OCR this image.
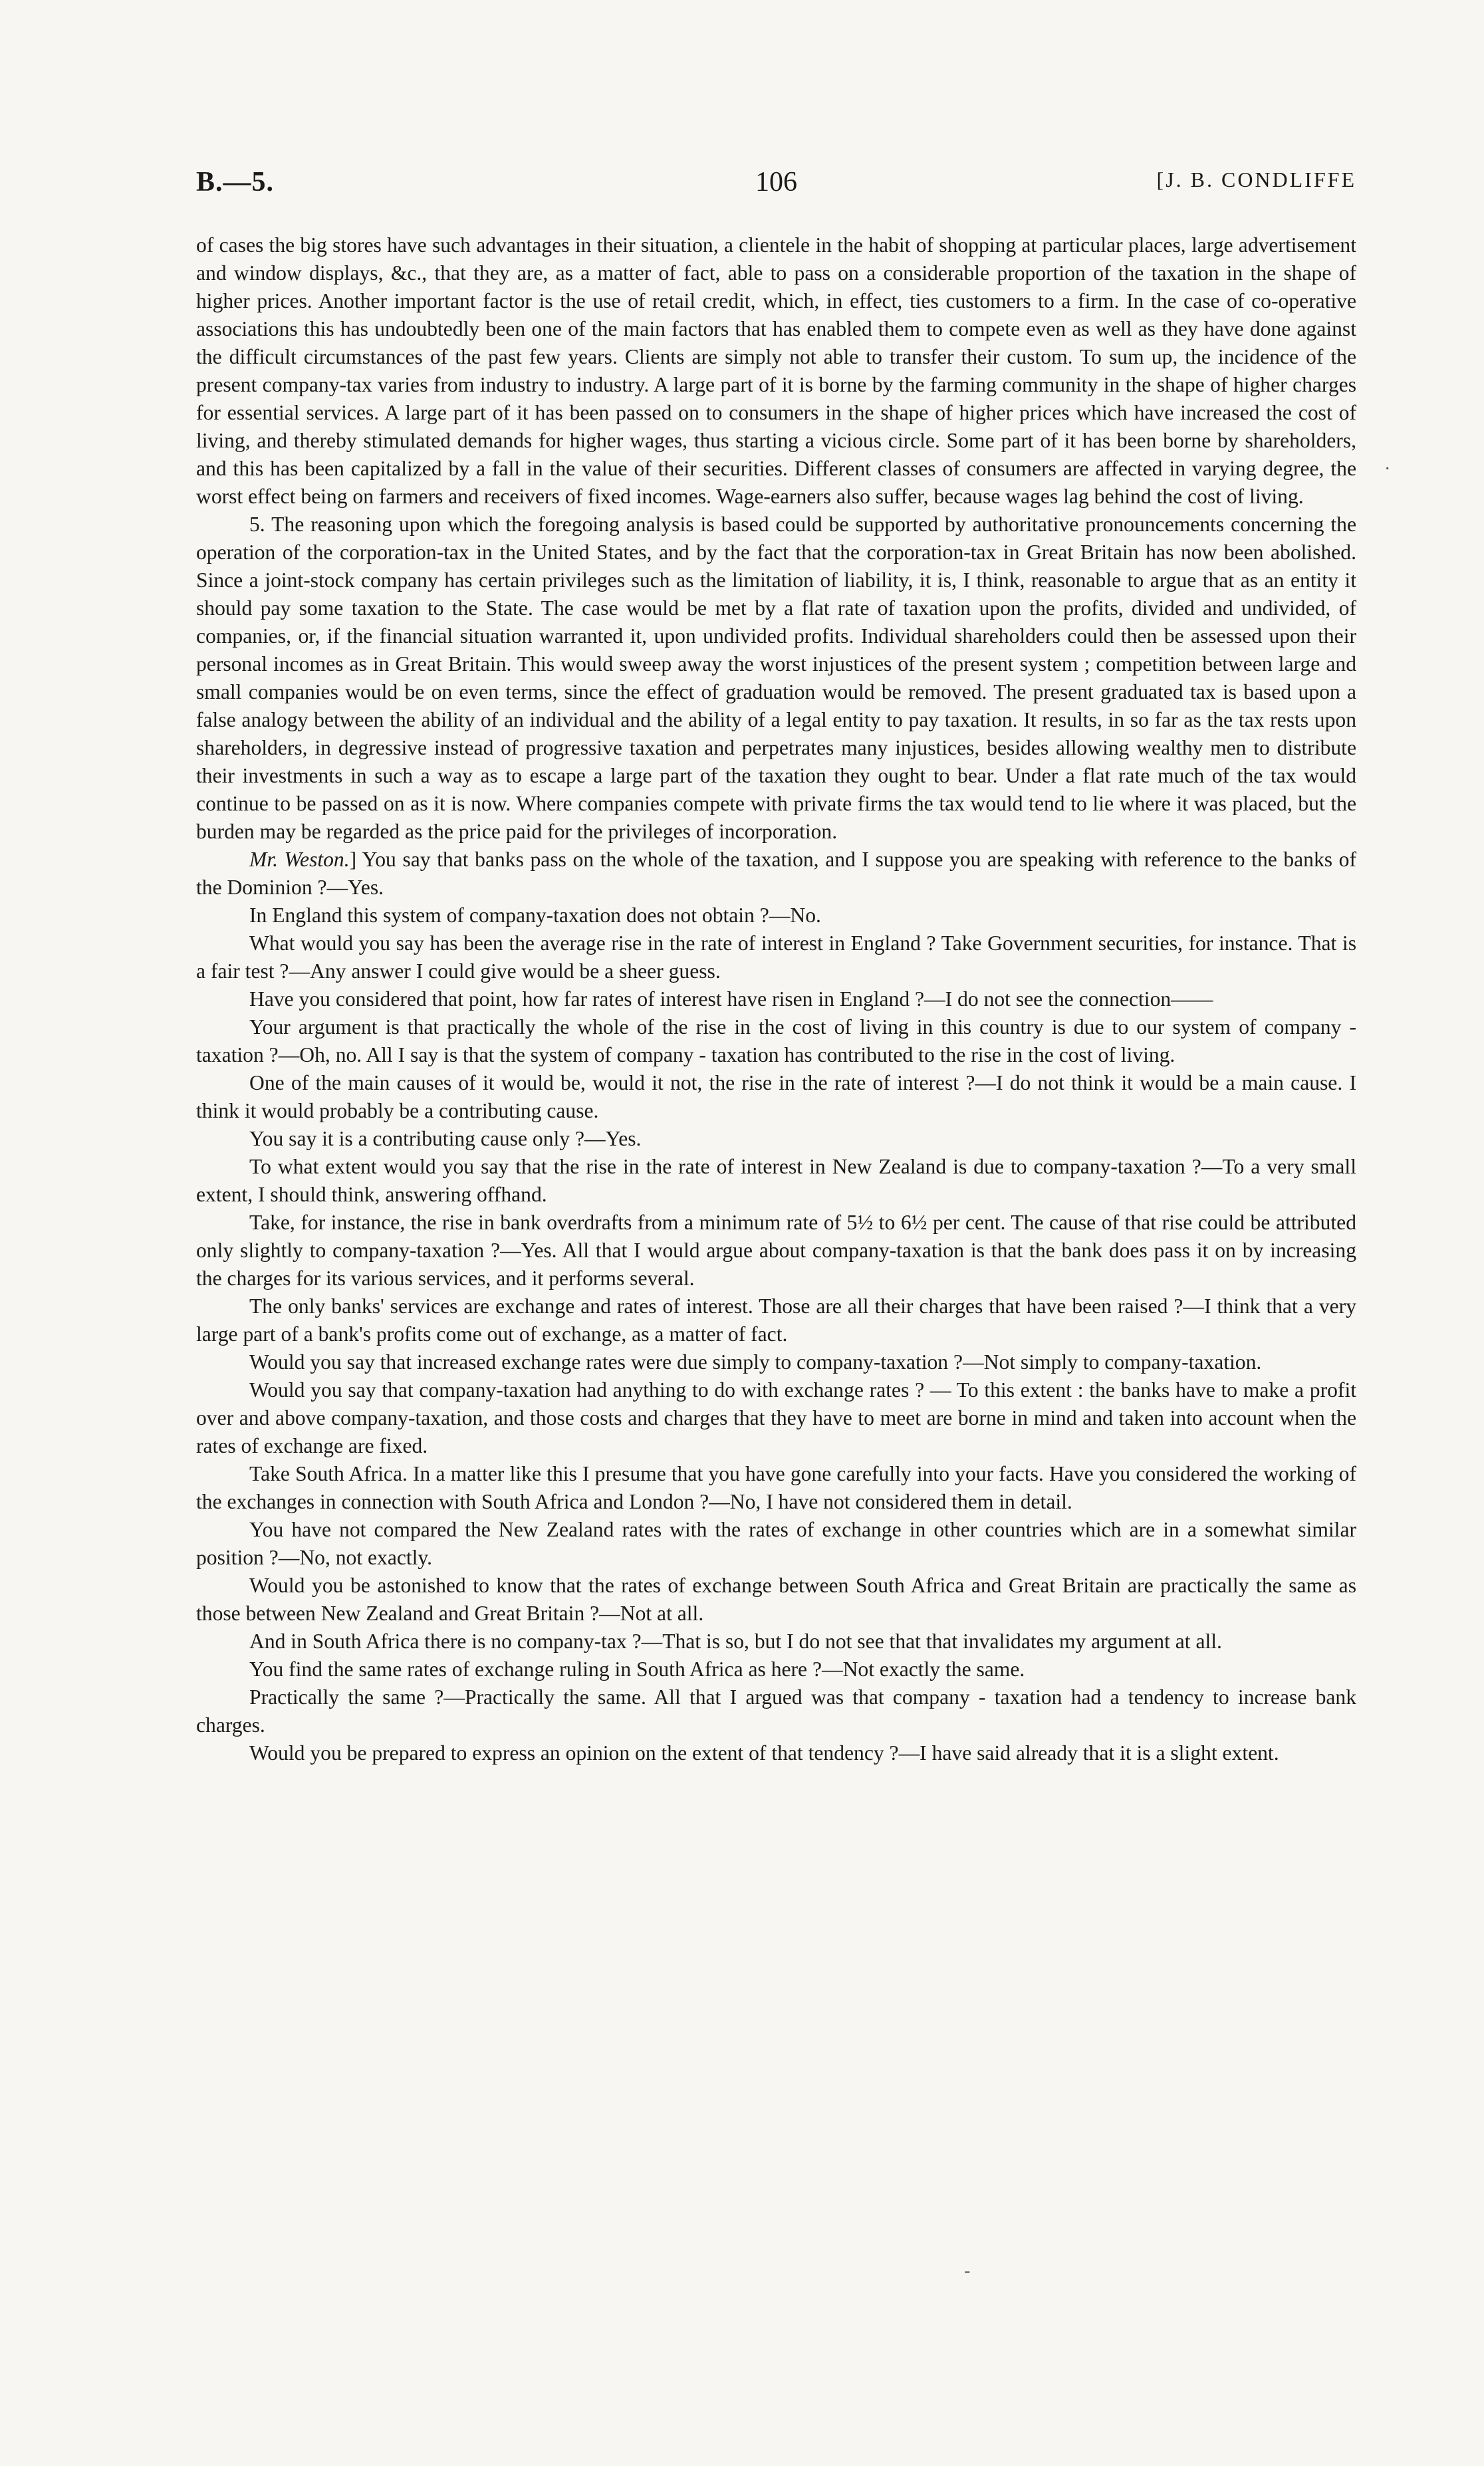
B.—5.	106	[J. B. CONDLIFFE

of cases the big stores have such advantages in their situation, a clientele in the habit of shopping at particular places, large advertisement and window displays, &c., that they are, as a matter of fact, able to pass on a considerable proportion of the taxation in the shape of higher prices. Another important factor is the use of retail credit, which, in effect, ties customers to a firm. In the case of co-operative associations this has undoubtedly been one of the main factors that has enabled them to compete even as well as they have done against the difficult circumstances of the past few years. Clients are simply not able to transfer their custom. To sum up, the incidence of the present company-tax varies from industry to industry. A large part of it is borne by the farming community in the shape of higher charges for essential services. A large part of it has been passed on to consumers in the shape of higher prices which have increased the cost of living, and thereby stimulated demands for higher wages, thus starting a vicious circle. Some part of it has been borne by shareholders, and this has been capitalized by a fall in the value of their securities. Different classes of consumers are affected in varying degree, the worst effect being on farmers and receivers of fixed incomes. Wage-earners also suffer, because wages lag behind the cost of living.

5. The reasoning upon which the foregoing analysis is based could be supported by authoritative pronouncements concerning the operation of the corporation-tax in the United States, and by the fact that the corporation-tax in Great Britain has now been abolished. Since a joint-stock company has certain privileges such as the limitation of liability, it is, I think, reasonable to argue that as an entity it should pay some taxation to the State. The case would be met by a flat rate of taxation upon the profits, divided and undivided, of companies, or, if the financial situation warranted it, upon undivided profits. Individual shareholders could then be assessed upon their personal incomes as in Great Britain. This would sweep away the worst injustices of the present system ; competition between large and small companies would be on even terms, since the effect of graduation would be removed. The present graduated tax is based upon a false analogy between the ability of an individual and the ability of a legal entity to pay taxation. It results, in so far as the tax rests upon shareholders, in degressive instead of progressive taxation and perpetrates many injustices, besides allowing wealthy men to distribute their investments in such a way as to escape a large part of the taxation they ought to bear. Under a flat rate much of the tax would continue to be passed on as it is now. Where companies compete with private firms the tax would tend to lie where it was placed, but the burden may be regarded as the price paid for the privileges of incorporation.

Mr. Weston.] You say that banks pass on the whole of the taxation, and I suppose you are speaking with reference to the banks of the Dominion ?—Yes.

In England this system of company-taxation does not obtain ?—No.

What would you say has been the average rise in the rate of interest in England ? Take Government securities, for instance. That is a fair test ?—Any answer I could give would be a sheer guess.

Have you considered that point, how far rates of interest have risen in England ?—I do not see the connection——

Your argument is that practically the whole of the rise in the cost of living in this country is due to our system of company - taxation ?—Oh, no. All I say is that the system of company - taxation has contributed to the rise in the cost of living.

One of the main causes of it would be, would it not, the rise in the rate of interest ?—I do not think it would be a main cause. I think it would probably be a contributing cause.

You say it is a contributing cause only ?—Yes.

To what extent would you say that the rise in the rate of interest in New Zealand is due to company-taxation ?—To a very small extent, I should think, answering offhand.

Take, for instance, the rise in bank overdrafts from a minimum rate of 5½ to 6½ per cent. The cause of that rise could be attributed only slightly to company-taxation ?—Yes. All that I would argue about company-taxation is that the bank does pass it on by increasing the charges for its various services, and it performs several.

The only banks' services are exchange and rates of interest. Those are all their charges that have been raised ?—I think that a very large part of a bank's profits come out of exchange, as a matter of fact.

Would you say that increased exchange rates were due simply to company-taxation ?—Not simply to company-taxation.

Would you say that company-taxation had anything to do with exchange rates ? — To this extent : the banks have to make a profit over and above company-taxation, and those costs and charges that they have to meet are borne in mind and taken into account when the rates of exchange are fixed.

Take South Africa. In a matter like this I presume that you have gone carefully into your facts. Have you considered the working of the exchanges in connection with South Africa and London ?—No, I have not considered them in detail.

You have not compared the New Zealand rates with the rates of exchange in other countries which are in a somewhat similar position ?—No, not exactly.

Would you be astonished to know that the rates of exchange between South Africa and Great Britain are practically the same as those between New Zealand and Great Britain ?—Not at all.

And in South Africa there is no company-tax ?—That is so, but I do not see that that invalidates my argument at all.

You find the same rates of exchange ruling in South Africa as here ?—Not exactly the same.

Practically the same ?—Practically the same. All that I argued was that company - taxation had a tendency to increase bank charges.

Would you be prepared to express an opinion on the extent of that tendency ?—I have said already that it is a slight extent.

·
-
